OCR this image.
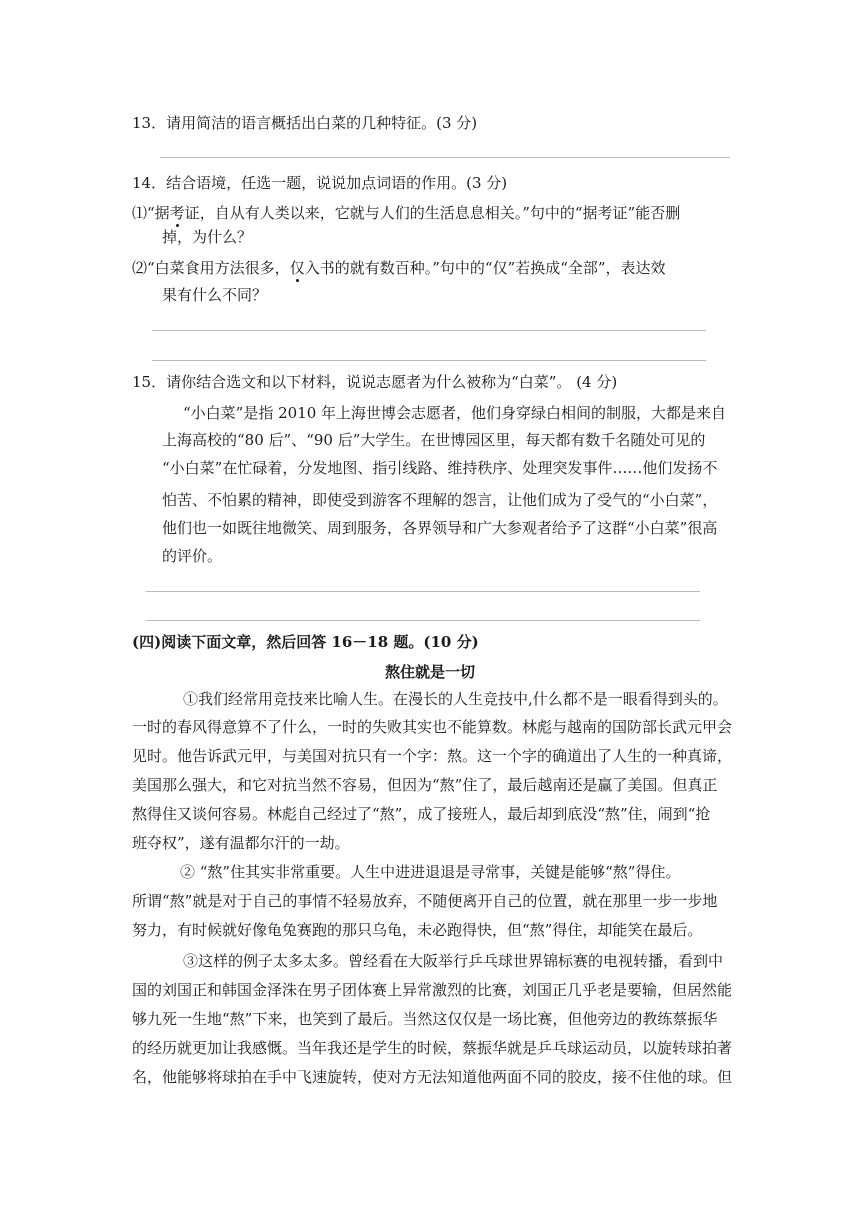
13．请用简洁的语言概括出白菜的几种特征。(3 分)
14．结合语境，任选一题，说说加点词语的作用。(3 分)
⑴“据考证，自从有人类以来，它就与人们的生活息息相关。”句中的“据考证”能否删
掉，为什么？
⑵“白菜食用方法很多，仅入书的就有数百种。”句中的“仅”若换成“全部”，表达效
果有什么不同？
15．请你结合选文和以下材料，说说志愿者为什么被称为“白菜”。 (4 分)
“小白菜”是指 2010 年上海世博会志愿者，他们身穿绿白相间的制服，大都是来自
上海高校的“80 后”、“90 后”大学生。在世博园区里，每天都有数千名随处可见的
“小白菜”在忙碌着，分发地图、指引线路、维持秩序、处理突发事件……他们发扬不
怕苦、不怕累的精神，即使受到游客不理解的怨言，让他们成为了受气的“小白菜”，
他们也一如既往地微笑、周到服务，各界领导和广大参观者给予了这群“小白菜”很高
的评价。
(四)阅读下面文章，然后回答 16－18 题。(10 分)
熬住就是一切
①我们经常用竞技来比喻人生。在漫长的人生竞技中,什么都不是一眼看得到头的。
一时的春风得意算不了什么，一时的失败其实也不能算数。林彪与越南的国防部长武元甲会
见时。他告诉武元甲，与美国对抗只有一个字：熬。这一个字的确道出了人生的一种真谛，
美国那么强大，和它对抗当然不容易，但因为“熬”住了，最后越南还是赢了美国。但真正
熬得住又谈何容易。林彪自己经过了“熬”，成了接班人，最后却到底没“熬”住，闹到“抢
班夺权”，遂有温都尔汗的一劫。
② “熬”住其实非常重要。人生中进进退退是寻常事，关键是能够“熬”得住。
所谓“熬”就是对于自己的事情不轻易放弃，不随便离开自己的位置，就在那里一步一步地
努力，有时候就好像龟兔赛跑的那只乌龟，未必跑得快，但“熬”得住，却能笑在最后。
③这样的例子太多太多。曾经看在大阪举行乒乓球世界锦标赛的电视转播，看到中
国的刘国正和韩国金泽洙在男子团体赛上异常激烈的比赛，刘国正几乎老是要输，但居然能
够九死一生地“熬”下来，也笑到了最后。当然这仅仅是一场比赛，但他旁边的教练蔡振华
的经历就更加让我感慨。当年我还是学生的时候，蔡振华就是乒乓球运动员，以旋转球拍著
名，他能够将球拍在手中飞速旋转，使对方无法知道他两面不同的胶皮，接不住他的球。但
